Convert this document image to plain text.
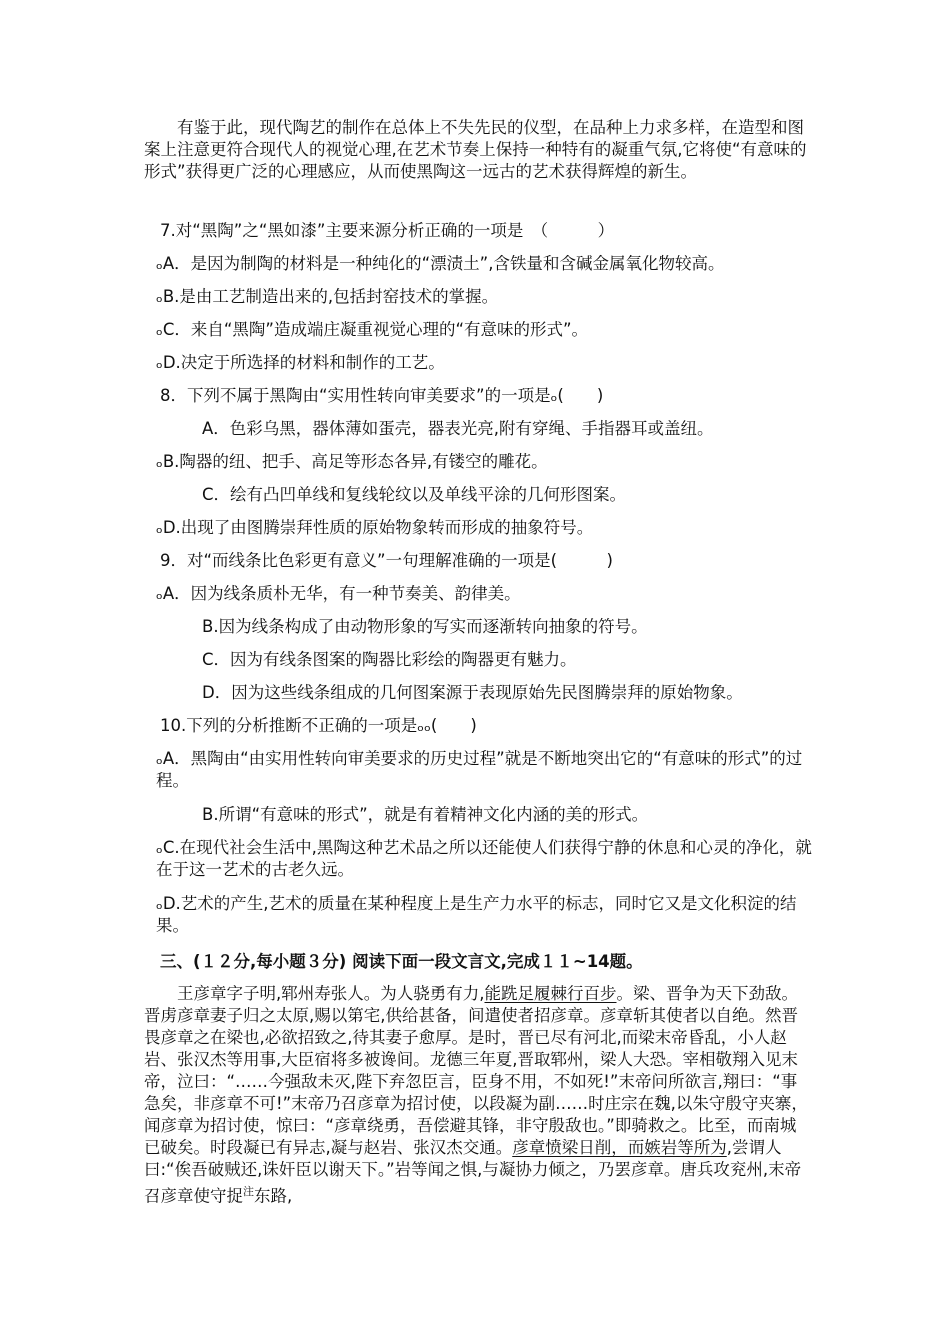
有鉴于此，现代陶艺的制作在总体上不失先民的仪型，在品种上力求多样，在造型和图案上注意更符合现代人的视觉心理,在艺术节奏上保持一种特有的凝重气氛,它将使“有意味的形式”获得更广泛的心理感应，从而使黑陶这一远古的艺术获得辉煌的新生。

7.对“黑陶”之“黑如漆”主要来源分析正确的一项是　（　　　）

ₒA．是因为制陶的材料是一种纯化的“漂渍土”,含铁量和含碱金属氧化物较高。

ₒB.是由工艺制造出来的,包括封窑技术的掌握。

ₒC．来自“黑陶”造成端庄凝重视觉心理的“有意味的形式”。

ₒD.决定于所选择的材料和制作的工艺。

8．下列不属于黑陶由“实用性转向审美要求”的一项是ₒ(　　)

A．色彩乌黑，器体薄如蛋壳，器表光亮,附有穿绳、手指器耳或盖纽。

ₒB.陶器的纽、把手、高足等形态各异,有镂空的雕花。

C．绘有凸凹单线和复线轮纹以及单线平涂的几何形图案。

ₒD.出现了由图腾崇拜性质的原始物象转而形成的抽象符号。

9．对“而线条比色彩更有意义”一句理解准确的一项是(　　　)

ₒA．因为线条质朴无华，有一种节奏美、韵律美。

B.因为线条构成了由动物形象的写实而逐渐转向抽象的符号。

C．因为有线条图案的陶器比彩绘的陶器更有魅力。

D．因为这些线条组成的几何图案源于表现原始先民图腾崇拜的原始物象。

10.下列的分析推断不正确的一项是ₒₒ(　　)

ₒA．黑陶由“由实用性转向审美要求的历史过程”就是不断地突出它的“有意味的形式”的过程。

B.所谓“有意味的形式”，就是有着精神文化内涵的美的形式。

ₒC.在现代社会生活中,黑陶这种艺术品之所以还能使人们获得宁静的休息和心灵的净化，就在于这一艺术的古老久远。

ₒD.艺术的产生,艺术的质量在某种程度上是生产力水平的标志，同时它又是文化积淀的结果。

三、(１２分,每小题３分) 阅读下面一段文言文,完成１１~14题。

王彦章字子明,郓州寿张人。为人骁勇有力,能跣足履棘行百步。梁、晋争为天下劲敌。晋虏彦章妻子归之太原,赐以第宅,供给甚备，间遣使者招彦章。彦章斩其使者以自绝。然晋畏彦章之在梁也,必欲招致之,待其妻子愈厚。是时，晋已尽有河北,而梁末帝昏乱，小人赵岩、张汉杰等用事,大臣宿将多被谗间。龙德三年夏,晋取郓州，梁人大恐。宰相敬翔入见末帝，泣曰：“……今强敌未灭,陛下弃忽臣言，臣身不用，不如死!”末帝问所欲言,翔曰：“事急矣，非彦章不可!”末帝乃召彦章为招讨使，以段凝为副……时庄宗在魏,以朱守殷守夹寨，闻彦章为招讨使，惊曰：“彦章绕勇，吾偿避其锋，非守殷敌也。”即骑救之。比至，而南城已破矣。时段凝已有异志,凝与赵岩、张汉杰交通。彦章愤梁日削，而嫉岩等所为,尝谓人曰:“俟吾破贼还,诛奸臣以谢天下。”岩等闻之惧,与凝协力倾之，乃罢彦章。唐兵攻兖州,末帝召彦章使守捉$^注$东路,
